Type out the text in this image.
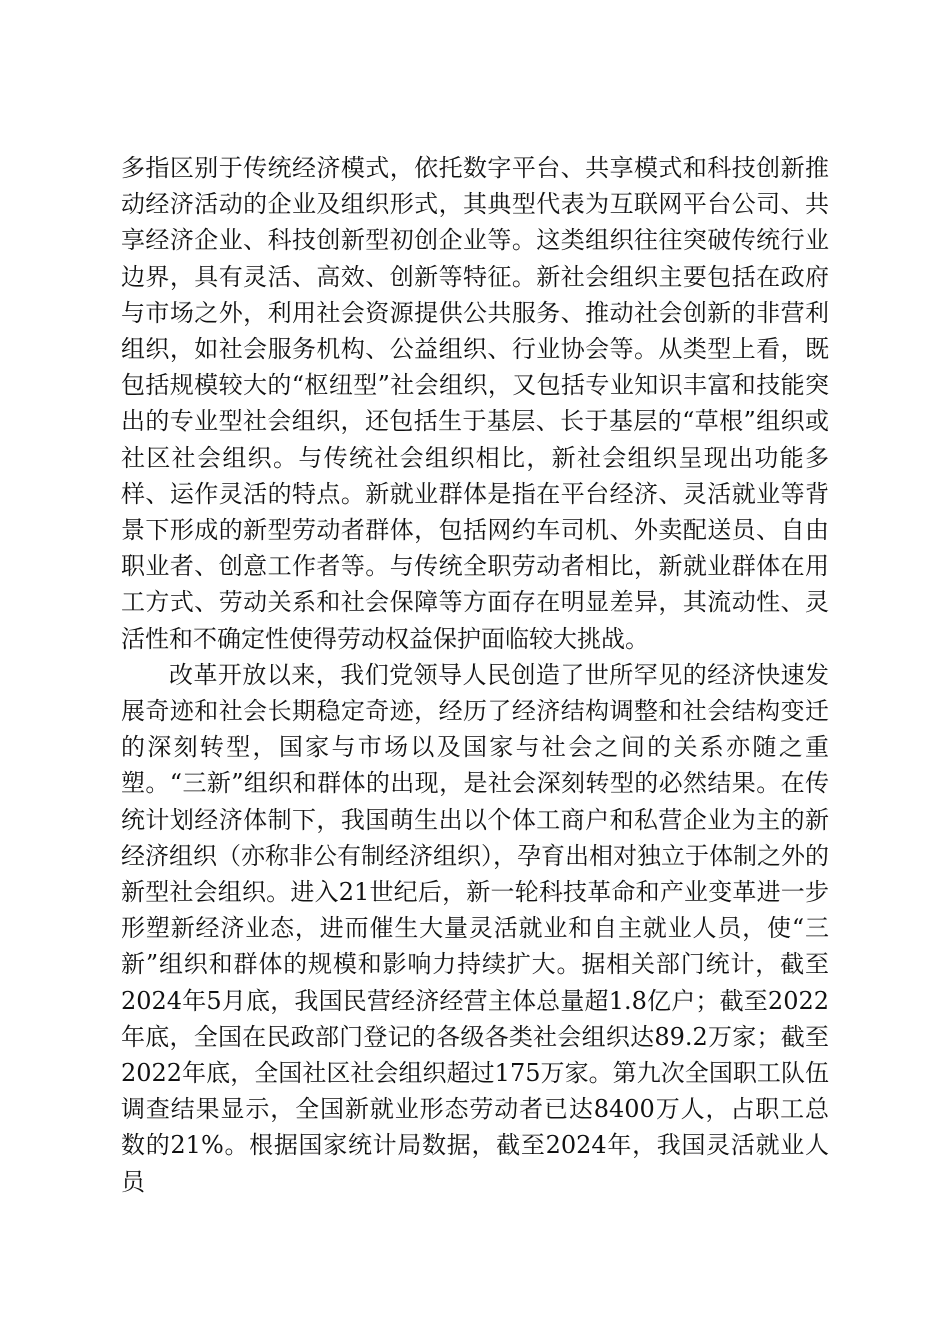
多指区别于传统经济模式，依托数字平台、共享模式和科技创新推动经济活动的企业及组织形式，其典型代表为互联网平台公司、共享经济企业、科技创新型初创企业等。这类组织往往突破传统行业边界，具有灵活、高效、创新等特征。新社会组织主要包括在政府与市场之外，利用社会资源提供公共服务、推动社会创新的非营利组织，如社会服务机构、公益组织、行业协会等。从类型上看，既包括规模较大的“枢纽型”社会组织，又包括专业知识丰富和技能突出的专业型社会组织，还包括生于基层、长于基层的“草根”组织或社区社会组织。与传统社会组织相比，新社会组织呈现出功能多样、运作灵活的特点。新就业群体是指在平台经济、灵活就业等背景下形成的新型劳动者群体，包括网约车司机、外卖配送员、自由职业者、创意工作者等。与传统全职劳动者相比，新就业群体在用工方式、劳动关系和社会保障等方面存在明显差异，其流动性、灵活性和不确定性使得劳动权益保护面临较大挑战。

改革开放以来，我们党领导人民创造了世所罕见的经济快速发展奇迹和社会长期稳定奇迹，经历了经济结构调整和社会结构变迁的深刻转型，国家与市场以及国家与社会之间的关系亦随之重塑。“三新”组织和群体的出现，是社会深刻转型的必然结果。在传统计划经济体制下，我国萌生出以个体工商户和私营企业为主的新经济组织（亦称非公有制经济组织），孕育出相对独立于体制之外的新型社会组织。进入21世纪后，新一轮科技革命和产业变革进一步形塑新经济业态，进而催生大量灵活就业和自主就业人员，使“三新”组织和群体的规模和影响力持续扩大。据相关部门统计，截至2024年5月底，我国民营经济经营主体总量超1.8亿户；截至2022年底，全国在民政部门登记的各级各类社会组织达89.2万家；截至2022年底，全国社区社会组织超过175万家。第九次全国职工队伍调查结果显示，全国新就业形态劳动者已达8400万人，占职工总数的21%。根据国家统计局数据，截至2024年，我国灵活就业人员
